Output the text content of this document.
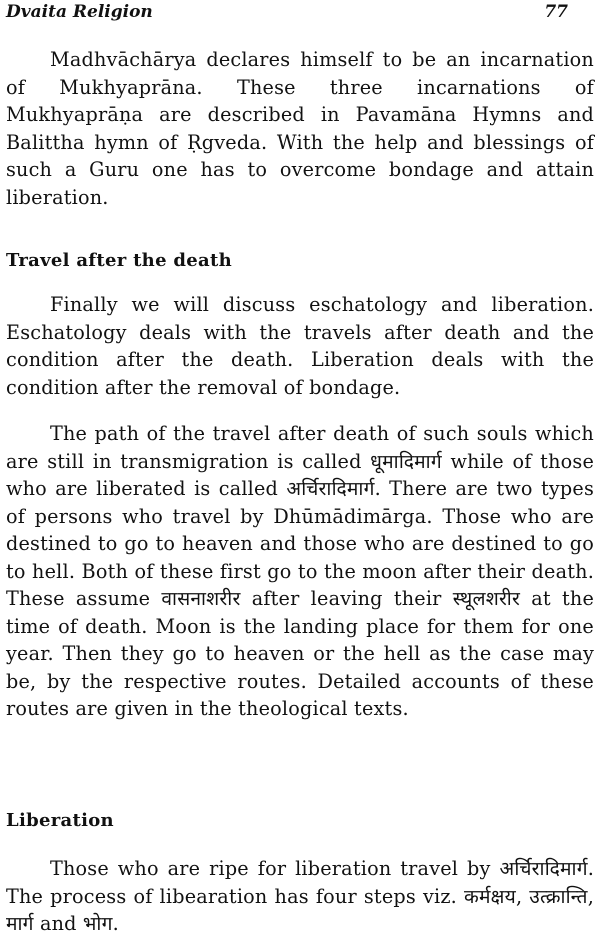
Dvaita Religion	77

Madhvāchārya declares himself to be an incarnation of Mukhyaprāna. These three incarnations of Mukhyaprāṇa are described in Pavamāna Hymns and Balittha hymn of Ṛgveda. With the help and blessings of such a Guru one has to overcome bondage and attain liberation.

Travel after the death

Finally we will discuss eschatology and liberation. Eschatology deals with the travels after death and the condition after the death. Liberation deals with the condition after the removal of bondage.

The path of the travel after death of such souls which are still in transmigration is called धूमादिमार्ग while of those who are liberated is called अर्चिरादिमार्ग. There are two types of persons who travel by Dhūmādimārga. Those who are destined to go to heaven and those who are destined to go to hell. Both of these first go to the moon after their death. These assume वासनाशरीर after leaving their स्थूलशरीर at the time of death. Moon is the landing place for them for one year. Then they go to heaven or the hell as the case may be, by the respective routes. Detailed accounts of these routes are given in the theological texts.

Liberation

Those who are ripe for liberation travel by अर्चिरादिमार्ग. The process of libearation has four steps viz. कर्मक्षय, उत्क्रान्ति, मार्ग and भोग.
